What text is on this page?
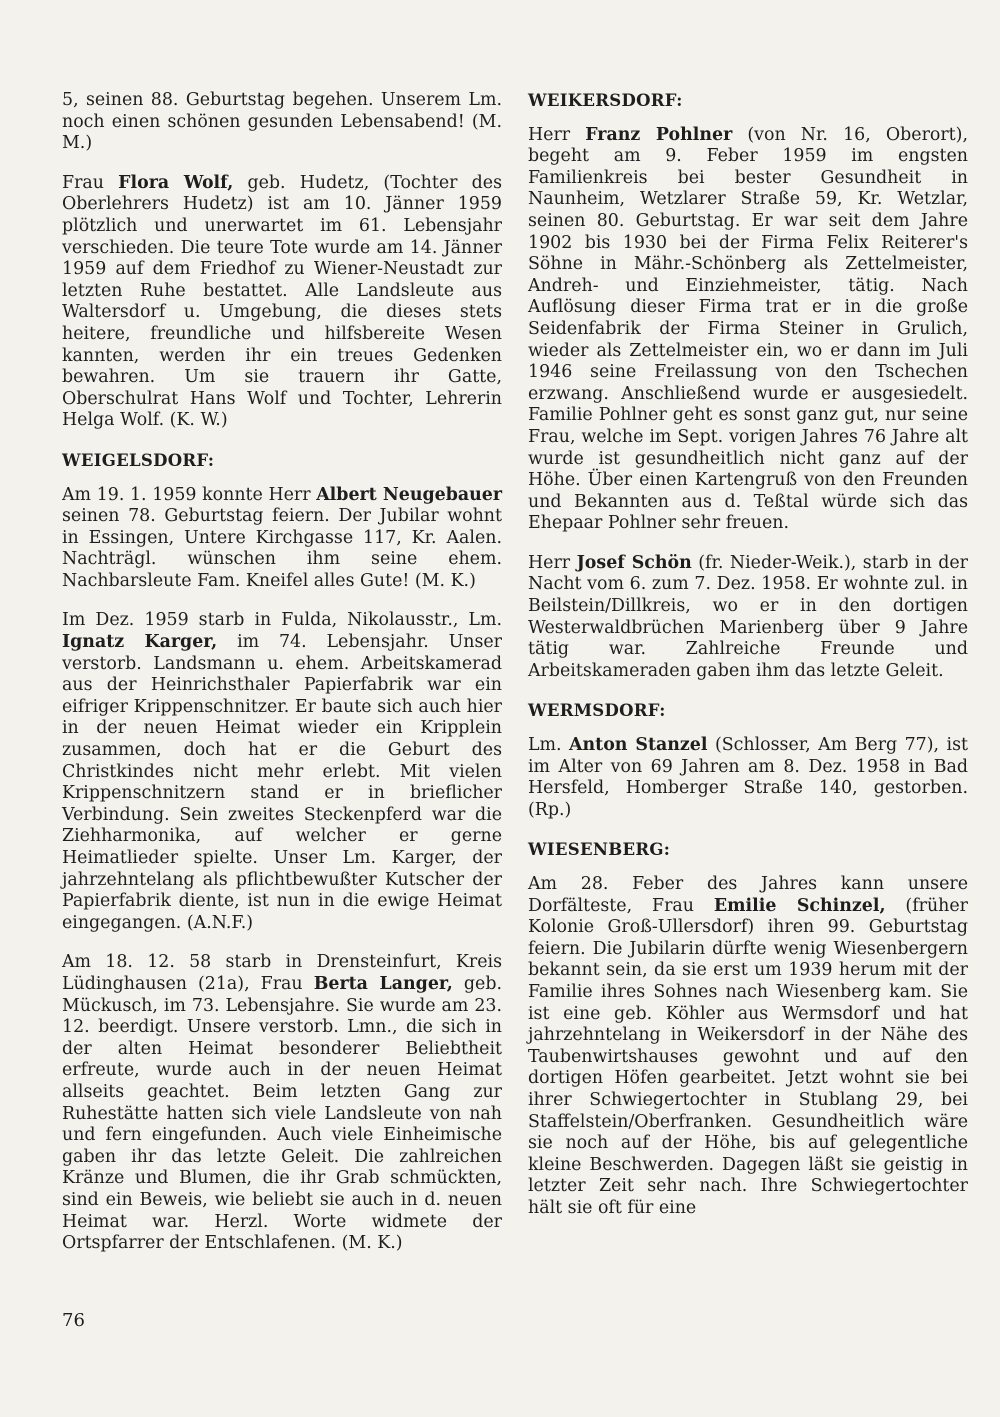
5, seinen 88. Geburtstag begehen. Unserem Lm. noch einen schönen gesunden Lebensabend! (M. M.)

Frau Flora Wolf, geb. Hudetz, (Tochter des Oberlehrers Hudetz) ist am 10. Jänner 1959 plötzlich und unerwartet im 61. Lebensjahr verschieden. Die teure Tote wurde am 14. Jänner 1959 auf dem Friedhof zu Wiener-Neustadt zur letzten Ruhe bestattet. Alle Landsleute aus Waltersdorf u. Umgebung, die dieses stets heitere, freundliche und hilfsbereite Wesen kannten, werden ihr ein treues Gedenken bewahren. Um sie trauern ihr Gatte, Oberschulrat Hans Wolf und Tochter, Lehrerin Helga Wolf. (K. W.)

WEIGELSDORF:

Am 19. 1. 1959 konnte Herr Albert Neugebauer seinen 78. Geburtstag feiern. Der Jubilar wohnt in Essingen, Untere Kirchgasse 117, Kr. Aalen. Nachträgl. wünschen ihm seine ehem. Nachbarsleute Fam. Kneifel alles Gute! (M. K.)

Im Dez. 1959 starb in Fulda, Nikolausstr., Lm. Ignatz Karger, im 74. Lebensjahr. Unser verstorb. Landsmann u. ehem. Arbeitskamerad aus der Heinrichsthaler Papierfabrik war ein eifriger Krippenschnitzer. Er baute sich auch hier in der neuen Heimat wieder ein Kripplein zusammen, doch hat er die Geburt des Christkindes nicht mehr erlebt. Mit vielen Krippenschnitzern stand er in brieflicher Verbindung. Sein zweites Steckenpferd war die Ziehharmonika, auf welcher er gerne Heimatlieder spielte. Unser Lm. Karger, der jahrzehntelang als pflichtbewußter Kutscher der Papierfabrik diente, ist nun in die ewige Heimat eingegangen. (A.N.F.)

Am 18. 12. 58 starb in Drensteinfurt, Kreis Lüdinghausen (21a), Frau Berta Langer, geb. Mückusch, im 73. Lebensjahre. Sie wurde am 23. 12. beerdigt. Unsere verstorb. Lmn., die sich in der alten Heimat besonderer Beliebtheit erfreute, wurde auch in der neuen Heimat allseits geachtet. Beim letzten Gang zur Ruhestätte hatten sich viele Landsleute von nah und fern eingefunden. Auch viele Einheimische gaben ihr das letzte Geleit. Die zahlreichen Kränze und Blumen, die ihr Grab schmückten, sind ein Beweis, wie beliebt sie auch in d. neuen Heimat war. Herzl. Worte widmete der Ortspfarrer der Entschlafenen. (M. K.)

WEIKERSDORF:

Herr Franz Pohlner (von Nr. 16, Oberort), begeht am 9. Feber 1959 im engsten Familienkreis bei bester Gesundheit in Naunheim, Wetzlarer Straße 59, Kr. Wetzlar, seinen 80. Geburtstag. Er war seit dem Jahre 1902 bis 1930 bei der Firma Felix Reiterer's Söhne in Mähr.-Schönberg als Zettelmeister, Andreh- und Einziehmeister, tätig. Nach Auflösung dieser Firma trat er in die große Seidenfabrik der Firma Steiner in Grulich, wieder als Zettelmeister ein, wo er dann im Juli 1946 seine Freilassung von den Tschechen erzwang. Anschließend wurde er ausgesiedelt. Familie Pohlner geht es sonst ganz gut, nur seine Frau, welche im Sept. vorigen Jahres 76 Jahre alt wurde ist gesundheitlich nicht ganz auf der Höhe. Über einen Kartengruß von den Freunden und Bekannten aus d. Teßtal würde sich das Ehepaar Pohlner sehr freuen.

Herr Josef Schön (fr. Nieder-Weik.), starb in der Nacht vom 6. zum 7. Dez. 1958. Er wohnte zul. in Beilstein/Dillkreis, wo er in den dortigen Westerwaldbrüchen Marienberg über 9 Jahre tätig war. Zahlreiche Freunde und Arbeitskameraden gaben ihm das letzte Geleit.

WERMSDORF:

Lm. Anton Stanzel (Schlosser, Am Berg 77), ist im Alter von 69 Jahren am 8. Dez. 1958 in Bad Hersfeld, Homberger Straße 140, gestorben. (Rp.)

WIESENBERG:

Am 28. Feber des Jahres kann unsere Dorfälteste, Frau Emilie Schinzel, (früher Kolonie Groß-Ullersdorf) ihren 99. Geburtstag feiern. Die Jubilarin dürfte wenig Wiesenbergern bekannt sein, da sie erst um 1939 herum mit der Familie ihres Sohnes nach Wiesenberg kam. Sie ist eine geb. Köhler aus Wermsdorf und hat jahrzehntelang in Weikersdorf in der Nähe des Taubenwirtshauses gewohnt und auf den dortigen Höfen gearbeitet. Jetzt wohnt sie bei ihrer Schwiegertochter in Stublang 29, bei Staffelstein/Oberfranken. Gesundheitlich wäre sie noch auf der Höhe, bis auf gelegentliche kleine Beschwerden. Dagegen läßt sie geistig in letzter Zeit sehr nach. Ihre Schwiegertochter hält sie oft für eine

76
